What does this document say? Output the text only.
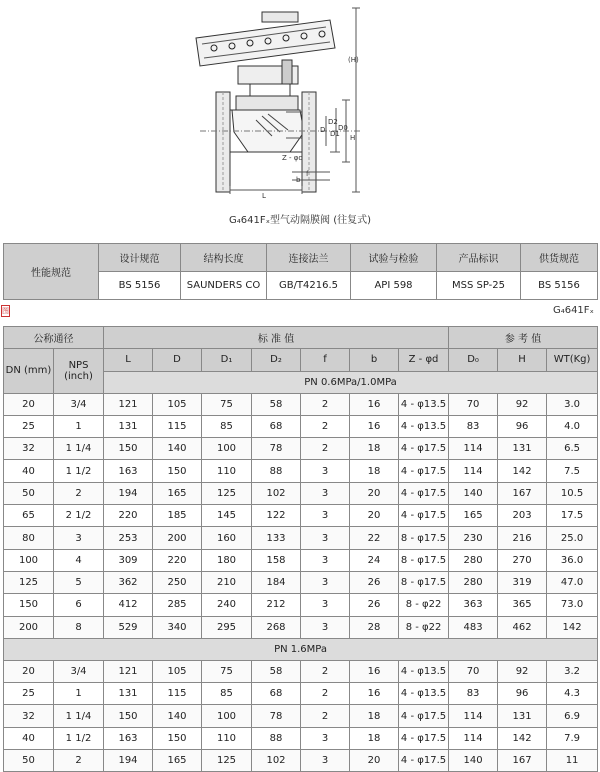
(H)
H
D0
D2
D1
D
Z - φd
b
f
L
G₄641Fₓ型气动隔膜阀 (往复式)
性能规范	设计规范	结构长度	连接法兰	试验与检验	产品标识	供货规范
	BS 5156	SAUNDERS CO	GB/T4216.5	API 598	MSS SP-25	BS 5156
图	G₄641Fₓ
公称通径		标 准 值							参 考 值		
DN (mm)	NPS (inch)	L	D	D₁	D₂	f	b	Z - φd	D₀	H	WT(Kg)
		PN 0.6MPa/1.0MPa									
20	3/4	121	105	75	58	2	16	4 - φ13.5	70	92	3.0
25	1	131	115	85	68	2	16	4 - φ13.5	83	96	4.0
32	1 1/4	150	140	100	78	2	18	4 - φ17.5	114	131	6.5
40	1 1/2	163	150	110	88	3	18	4 - φ17.5	114	142	7.5
50	2	194	165	125	102	3	20	4 - φ17.5	140	167	10.5
65	2 1/2	220	185	145	122	3	20	4 - φ17.5	165	203	17.5
80	3	253	200	160	133	3	22	8 - φ17.5	230	216	25.0
100	4	309	220	180	158	3	24	8 - φ17.5	280	270	36.0
125	5	362	250	210	184	3	26	8 - φ17.5	280	319	47.0
150	6	412	285	240	212	3	26	8 - φ22	363	365	73.0
200	8	529	340	295	268	3	28	8 - φ22	483	462	142
PN 1.6MPa											
20	3/4	121	105	75	58	2	16	4 - φ13.5	70	92	3.2
25	1	131	115	85	68	2	16	4 - φ13.5	83	96	4.3
32	1 1/4	150	140	100	78	2	18	4 - φ17.5	114	131	6.9
40	1 1/2	163	150	110	88	3	18	4 - φ17.5	114	142	7.9
50	2	194	165	125	102	3	20	4 - φ17.5	140	167	11
